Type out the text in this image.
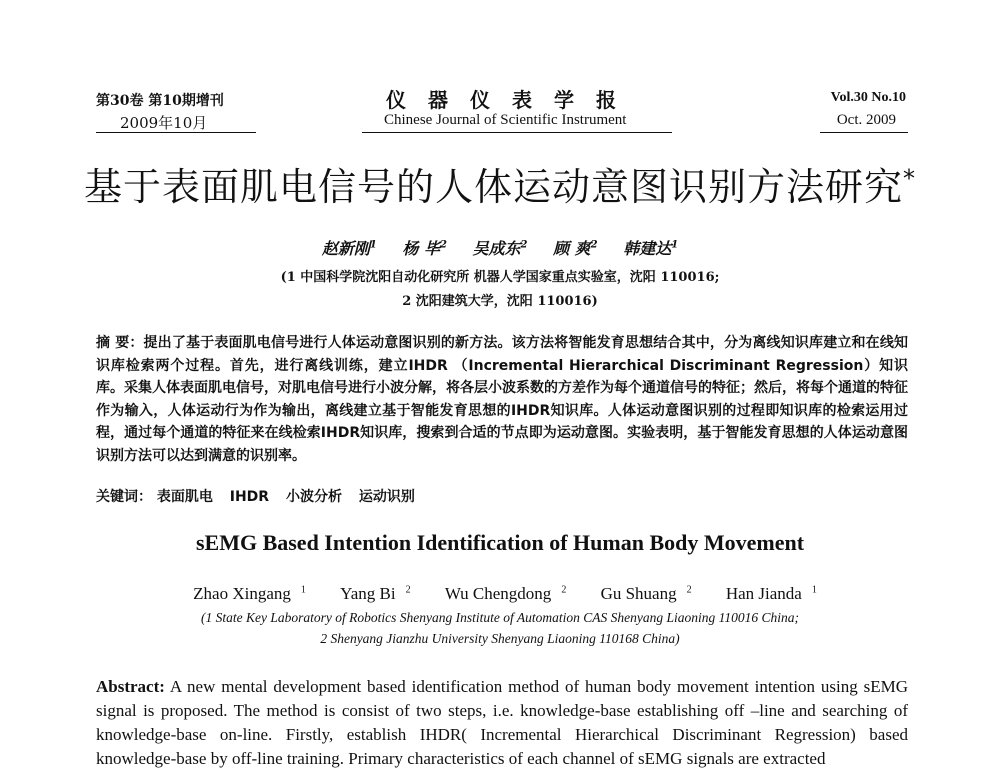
第30卷 第10期增刊
2009年10月
仪器仪表学报
Chinese Journal of Scientific Instrument
Vol.30 No.10
Oct. 2009
基于表面肌电信号的人体运动意图识别方法研究*
赵新刚$^1$ 杨 毕$^2$ 吴成东$^2$ 顾 爽$^2$ 韩建达$^1$
(1 中国科学院沈阳自动化研究所 机器人学国家重点实验室，沈阳 110016;
2 沈阳建筑大学，沈阳 110016)
摘 要：提出了基于表面肌电信号进行人体运动意图识别的新方法。该方法将智能发育思想结合其中，分为离线知识库建立和在线知识库检索两个过程。首先，进行离线训练，建立IHDR （Incremental Hierarchical Discriminant Regression）知识库。采集人体表面肌电信号，对肌电信号进行小波分解，将各层小波系数的方差作为每个通道信号的特征；然后，将每个通道的特征作为输入，人体运动行为作为输出，离线建立基于智能发育思想的IHDR知识库。人体运动意图识别的过程即知识库的检索运用过程，通过每个通道的特征来在线检索IHDR知识库，搜索到合适的节点即为运动意图。实验表明，基于智能发育思想的人体运动意图识别方法可以达到满意的识别率。
关键词： 表面肌电 IHDR 小波分析 运动识别
sEMG Based Intention Identification of Human Body Movement
Zhao Xingang $^1$ Yang Bi $^2$ Wu Chengdong $^2$ Gu Shuang $^2$ Han Jianda $^1$
(1 State Key Laboratory of Robotics Shenyang Institute of Automation CAS Shenyang Liaoning 110016 China;
2 Shenyang Jianzhu University Shenyang Liaoning 110168 China)
Abstract: A new mental development based identification method of human body movement intention using sEMG signal is proposed. The method is consist of two steps, i.e. knowledge-base establishing off –line and searching of knowledge-base on-line. Firstly, establish IHDR( Incremental Hierarchical Discriminant Regression) based knowledge-base by off-line training. Primary characteristics of each channel of sEMG signals are extracted
